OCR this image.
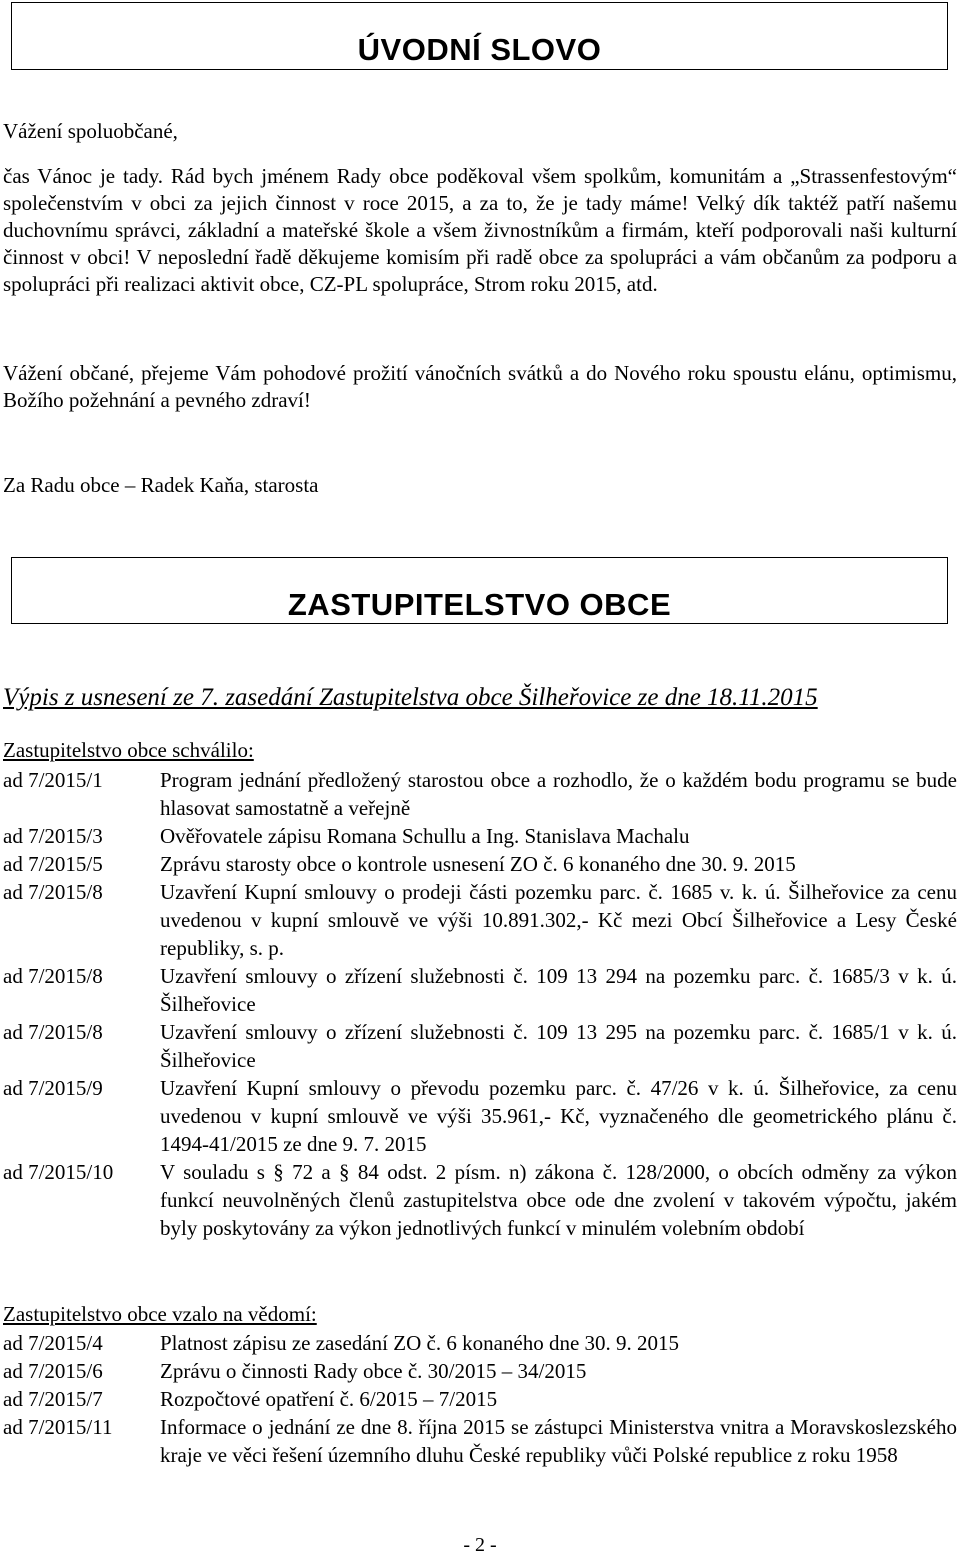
ÚVODNÍ SLOVO
Vážení spoluobčané,
čas Vánoc je tady. Rád bych jménem Rady obce poděkoval všem spolkům, komunitám a „Strassenfestovým“ společenstvím v obci za jejich činnost v roce 2015, a za to, že je tady máme! Velký dík taktéž patří našemu duchovnímu správci, základní a mateřské škole a všem živnostníkům a firmám, kteří podporovali naši kulturní činnost v obci! V neposlední řadě děkujeme komisím při radě obce za spolupráci a vám občanům za podporu a spolupráci při realizaci aktivit obce, CZ-PL spolupráce, Strom roku 2015, atd.
Vážení občané, přejeme Vám pohodové prožití vánočních svátků a do Nového roku spoustu elánu, optimismu, Božího požehnání a pevného zdraví!
Za Radu obce – Radek Kaňa, starosta
ZASTUPITELSTVO OBCE
Výpis z usnesení ze 7. zasedání Zastupitelstva obce Šilheřovice ze dne 18.11.2015
Zastupitelstvo obce schválilo:
ad 7/2015/1	Program jednání předložený starostou obce a rozhodlo, že o každém bodu programu se bude hlasovat samostatně a veřejně
ad 7/2015/3	Ověřovatele zápisu Romana Schullu a Ing. Stanislava Machalu
ad 7/2015/5	Zprávu starosty obce o kontrole usnesení ZO č. 6 konaného dne 30. 9. 2015
ad 7/2015/8	Uzavření Kupní smlouvy o prodeji části pozemku parc. č. 1685 v. k. ú. Šilheřovice za cenu uvedenou v kupní smlouvě ve výši 10.891.302,- Kč mezi Obcí Šilheřovice a Lesy České republiky, s. p.
ad 7/2015/8	Uzavření smlouvy o zřízení služebnosti č. 109 13 294 na pozemku parc. č. 1685/3 v k. ú. Šilheřovice
ad 7/2015/8	Uzavření smlouvy o zřízení služebnosti č. 109 13 295 na pozemku parc. č. 1685/1 v k. ú. Šilheřovice
ad 7/2015/9	Uzavření Kupní smlouvy o převodu pozemku parc. č. 47/26 v k. ú. Šilheřovice, za cenu uvedenou v kupní smlouvě ve výši 35.961,- Kč, vyznačeného dle geometrického plánu č. 1494-41/2015 ze dne 9. 7. 2015
ad 7/2015/10	V souladu s § 72 a § 84 odst. 2 písm. n) zákona č. 128/2000, o obcích odměny za výkon funkcí neuvolněných členů zastupitelstva obce ode dne zvolení v takovém výpočtu, jakém byly poskytovány za výkon jednotlivých funkcí v minulém volebním období
Zastupitelstvo obce vzalo na vědomí:
ad 7/2015/4	Platnost zápisu ze zasedání ZO č. 6 konaného dne 30. 9. 2015
ad 7/2015/6	Zprávu o činnosti Rady obce č. 30/2015 – 34/2015
ad 7/2015/7	Rozpočtové opatření č. 6/2015 – 7/2015
ad 7/2015/11	Informace o jednání ze dne 8. října 2015 se zástupci Ministerstva vnitra a Moravskoslezského kraje ve věci řešení územního dluhu České republiky vůči Polské republice z roku 1958
- 2 -
